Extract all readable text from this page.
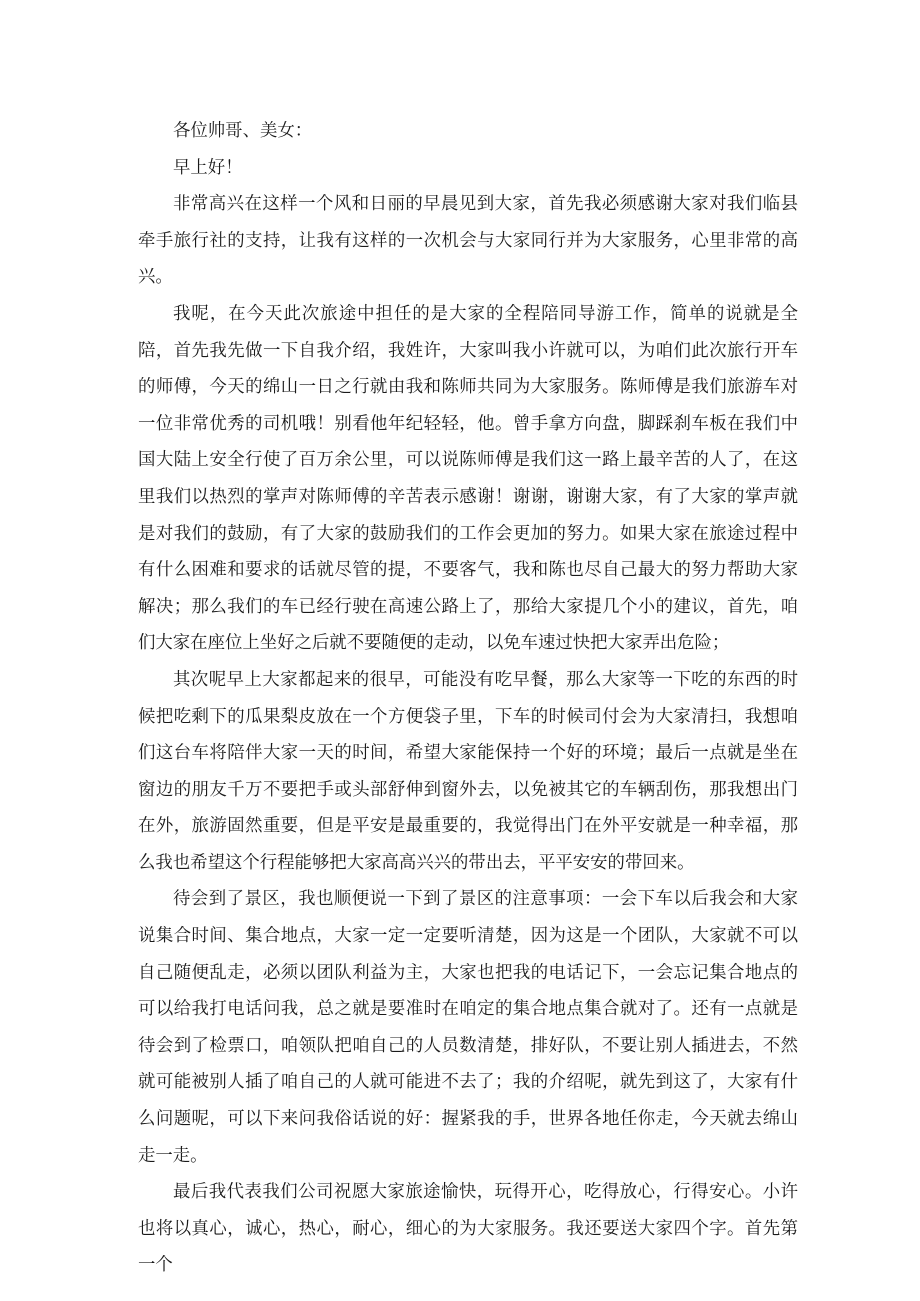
各位帅哥、美女：

早上好！

非常高兴在这样一个风和日丽的早晨见到大家，首先我必须感谢大家对我们临县牵手旅行社的支持，让我有这样的一次机会与大家同行并为大家服务，心里非常的高兴。

我呢，在今天此次旅途中担任的是大家的全程陪同导游工作，简单的说就是全陪，首先我先做一下自我介绍，我姓许，大家叫我小许就可以，为咱们此次旅行开车的师傅，今天的绵山一日之行就由我和陈师共同为大家服务。陈师傅是我们旅游车对一位非常优秀的司机哦！别看他年纪轻轻，他。曾手拿方向盘，脚踩刹车板在我们中国大陆上安全行使了百万余公里，可以说陈师傅是我们这一路上最辛苦的人了，在这里我们以热烈的掌声对陈师傅的辛苦表示感谢！谢谢，谢谢大家，有了大家的掌声就是对我们的鼓励，有了大家的鼓励我们的工作会更加的努力。如果大家在旅途过程中有什么困难和要求的话就尽管的提，不要客气，我和陈也尽自己最大的努力帮助大家解决；那么我们的车已经行驶在高速公路上了，那给大家提几个小的建议，首先，咱们大家在座位上坐好之后就不要随便的走动，以免车速过快把大家弄出危险；

其次呢早上大家都起来的很早，可能没有吃早餐，那么大家等一下吃的东西的时候把吃剩下的瓜果梨皮放在一个方便袋子里，下车的时候司付会为大家清扫，我想咱们这台车将陪伴大家一天的时间，希望大家能保持一个好的环境；最后一点就是坐在窗边的朋友千万不要把手或头部舒伸到窗外去，以免被其它的车辆刮伤，那我想出门在外，旅游固然重要，但是平安是最重要的，我觉得出门在外平安就是一种幸福，那么我也希望这个行程能够把大家高高兴兴的带出去，平平安安的带回来。

待会到了景区，我也顺便说一下到了景区的注意事项：一会下车以后我会和大家说集合时间、集合地点，大家一定一定要听清楚，因为这是一个团队，大家就不可以自己随便乱走，必须以团队利益为主，大家也把我的电话记下，一会忘记集合地点的可以给我打电话问我，总之就是要准时在咱定的集合地点集合就对了。还有一点就是待会到了检票口，咱领队把咱自己的人员数清楚，排好队，不要让别人插进去，不然就可能被别人插了咱自己的人就可能进不去了；我的介绍呢，就先到这了，大家有什么问题呢，可以下来问我俗话说的好：握紧我的手，世界各地任你走，今天就去绵山走一走。

最后我代表我们公司祝愿大家旅途愉快，玩得开心，吃得放心，行得安心。小许也将以真心，诚心，热心，耐心，细心的为大家服务。我还要送大家四个字。首先第一个
